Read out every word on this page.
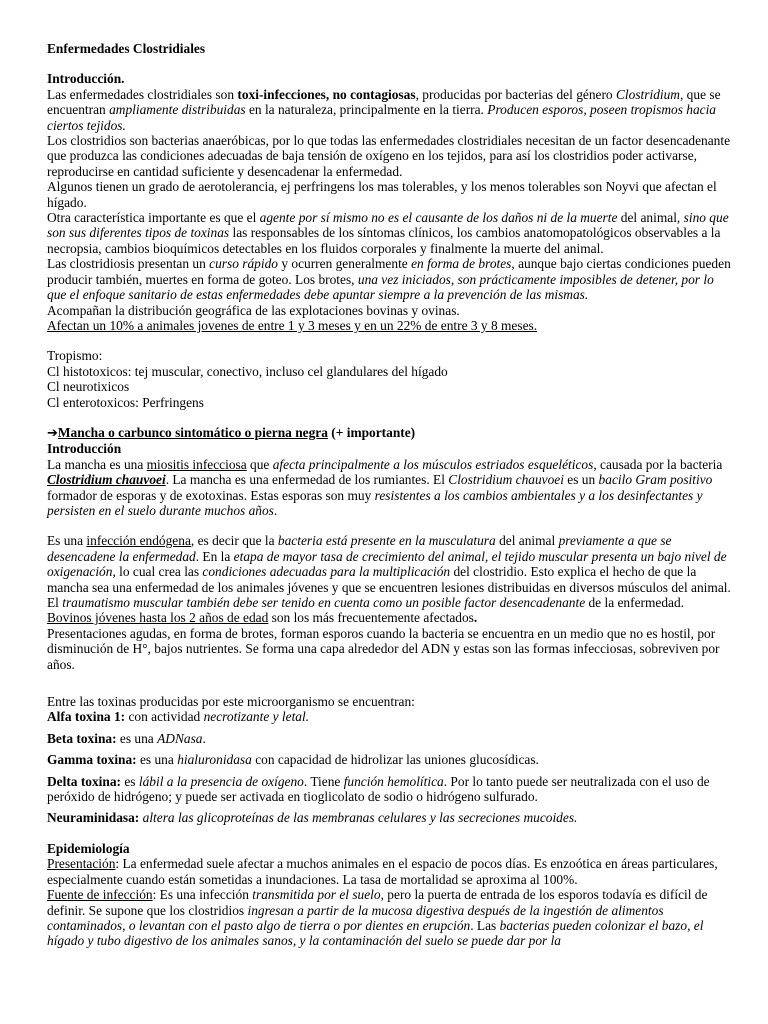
Enfermedades Clostridiales

Introducción.

Las enfermedades clostridiales son toxi-infecciones, no contagiosas, producidas por bacterias del género Clostridium, que se encuentran ampliamente distribuidas en la naturaleza, principalmente en la tierra. Producen esporos, poseen tropismos hacia ciertos tejidos.

Los clostridios son bacterias anaeróbicas, por lo que todas las enfermedades clostridiales necesitan de un factor desencadenante que produzca las condiciones adecuadas de baja tensión de oxígeno en los tejidos, para así los clostridios poder activarse, reproducirse en cantidad suficiente y desencadenar la enfermedad.

Algunos tienen un grado de aerotolerancia, ej perfringens los mas tolerables, y los menos tolerables son Noyvi que afectan el hígado.

Otra característica importante es que el agente por sí mismo no es el causante de los daños ni de la muerte del animal, sino que son sus diferentes tipos de toxinas las responsables de los síntomas clínicos, los cambios anatomopatológicos observables a la necropsia, cambios bioquímicos detectables en los fluidos corporales y finalmente la muerte del animal.

Las clostridiosis presentan un curso rápido y ocurren generalmente en forma de brotes, aunque bajo ciertas condiciones pueden producir también, muertes en forma de goteo. Los brotes, una vez iniciados, son prácticamente imposibles de detener, por lo que el enfoque sanitario de estas enfermedades debe apuntar siempre a la prevención de las mismas.

Acompañan la distribución geográfica de las explotaciones bovinas y ovinas.

Afectan un 10% a animales jovenes de entre 1 y 3 meses y en un 22% de entre 3 y 8 meses.

Tropismo:

Cl histotoxicos: tej muscular, conectivo, incluso cel glandulares del hígado

Cl neurotixicos

Cl enterotoxicos: Perfringens

➔Mancha o carbunco sintomático o pierna negra (+ importante)

Introducción

La mancha es una miositis infecciosa que afecta principalmente a los músculos estriados esqueléticos, causada por la bacteria Clostridium chauvoei. La mancha es una enfermedad de los rumiantes. El Clostridium chauvoei es un bacilo Gram positivo formador de esporas y de exotoxinas. Estas esporas son muy resistentes a los cambios ambientales y a los desinfectantes y persisten en el suelo durante muchos años.

Es una infección endógena, es decir que la bacteria está presente en la musculatura del animal previamente a que se desencadene la enfermedad. En la etapa de mayor tasa de crecimiento del animal, el tejido muscular presenta un bajo nivel de oxigenación, lo cual crea las condiciones adecuadas para la multiplicación del clostridio. Esto explica el hecho de que la mancha sea una enfermedad de los animales jóvenes y que se encuentren lesiones distribuidas en diversos músculos del animal. El traumatismo muscular también debe ser tenido en cuenta como un posible factor desencadenante de la enfermedad. Bovinos jóvenes hasta los 2 años de edad son los más frecuentemente afectados.

Presentaciones agudas, en forma de brotes, forman esporos cuando la bacteria se encuentra en un medio que no es hostil, por disminución de H°, bajos nutrientes. Se forma una capa alrededor del ADN y estas son las formas infecciosas, sobreviven por años.

Entre las toxinas producidas por este microorganismo se encuentran:

Alfa toxina 1: con actividad necrotizante y letal.

Beta toxina: es una ADNasa.

Gamma toxina: es una hialuronidasa con capacidad de hidrolizar las uniones glucosídicas.

Delta toxina: es lábil a la presencia de oxígeno. Tiene función hemolítica. Por lo tanto puede ser neutralizada con el uso de peróxido de hidrógeno; y puede ser activada en tioglicolato de sodio o hidrógeno sulfurado.

Neuraminidasa: altera las glicoproteínas de las membranas celulares y las secreciones mucoides.

Epidemiología

Presentación: La enfermedad suele afectar a muchos animales en el espacio de pocos días. Es enzoótica en áreas particulares, especialmente cuando están sometidas a inundaciones. La tasa de mortalidad se aproxima al 100%.

Fuente de infección: Es una infección transmitida por el suelo, pero la puerta de entrada de los esporos todavía es difícil de definir. Se supone que los clostridios ingresan a partir de la mucosa digestiva después de la ingestión de alimentos contaminados, o levantan con el pasto algo de tierra o por dientes en erupción. Las bacterias pueden colonizar el bazo, el hígado y tubo digestivo de los animales sanos, y la contaminación del suelo se puede dar por la
